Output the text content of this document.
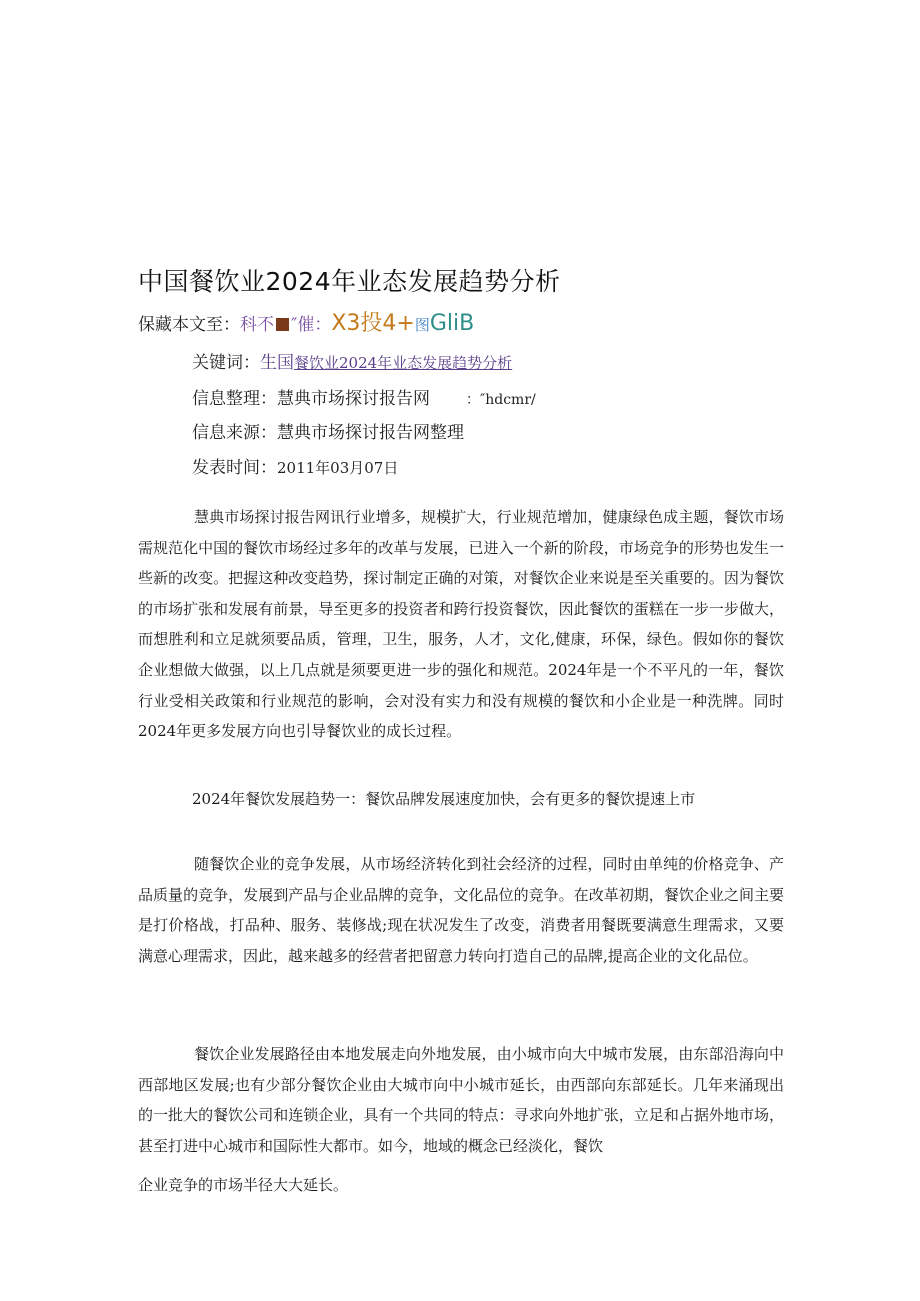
中国餐饮业2024年业态发展趋势分析
保藏本文至：科不 ″催：X3投4+图GliB
关键词：生国餐饮业2024年业态发展趋势分析
信息整理：慧典市场探讨报告网	：″hdcmr/
信息来源：慧典市场探讨报告网整理
发表时间：2011年03月07日

慧典市场探讨报告网讯行业增多，规模扩大，行业规范增加，健康绿色成主题，餐饮市场需规范化中国的餐饮市场经过多年的改革与发展，已进入一个新的阶段，市场竞争的形势也发生一些新的改变。把握这种改变趋势，探讨制定正确的对策，对餐饮企业来说是至关重要的。因为餐饮的市场扩张和发展有前景，导至更多的投资者和跨行投资餐饮，因此餐饮的蛋糕在一步一步做大，而想胜利和立足就须要品质，管理，卫生，服务，人才，文化,健康，环保，绿色。假如你的餐饮企业想做大做强，以上几点就是须要更进一步的强化和规范。2024年是一个不平凡的一年，餐饮行业受相关政策和行业规范的影响，会对没有实力和没有规模的餐饮和小企业是一种洗牌。同时2024年更多发展方向也引导餐饮业的成长过程。

2024年餐饮发展趋势一：餐饮品牌发展速度加快，会有更多的餐饮提速上市

随餐饮企业的竞争发展，从市场经济转化到社会经济的过程，同时由单纯的价格竞争、产品质量的竞争，发展到产品与企业品牌的竞争，文化品位的竞争。在改革初期，餐饮企业之间主要是打价格战，打品种、服务、装修战;现在状况发生了改变，消费者用餐既要满意生理需求，又要满意心理需求，因此，越来越多的经营者把留意力转向打造自己的品牌,提高企业的文化品位。

餐饮企业发展路径由本地发展走向外地发展，由小城市向大中城市发展，由东部沿海向中西部地区发展;也有少部分餐饮企业由大城市向中小城市延长，由西部向东部延长。几年来涌现出的一批大的餐饮公司和连锁企业，具有一个共同的特点：寻求向外地扩张，立足和占据外地市场，甚至打进中心城市和国际性大都市。如今，地域的概念已经淡化，餐饮

企业竞争的市场半径大大延长。
